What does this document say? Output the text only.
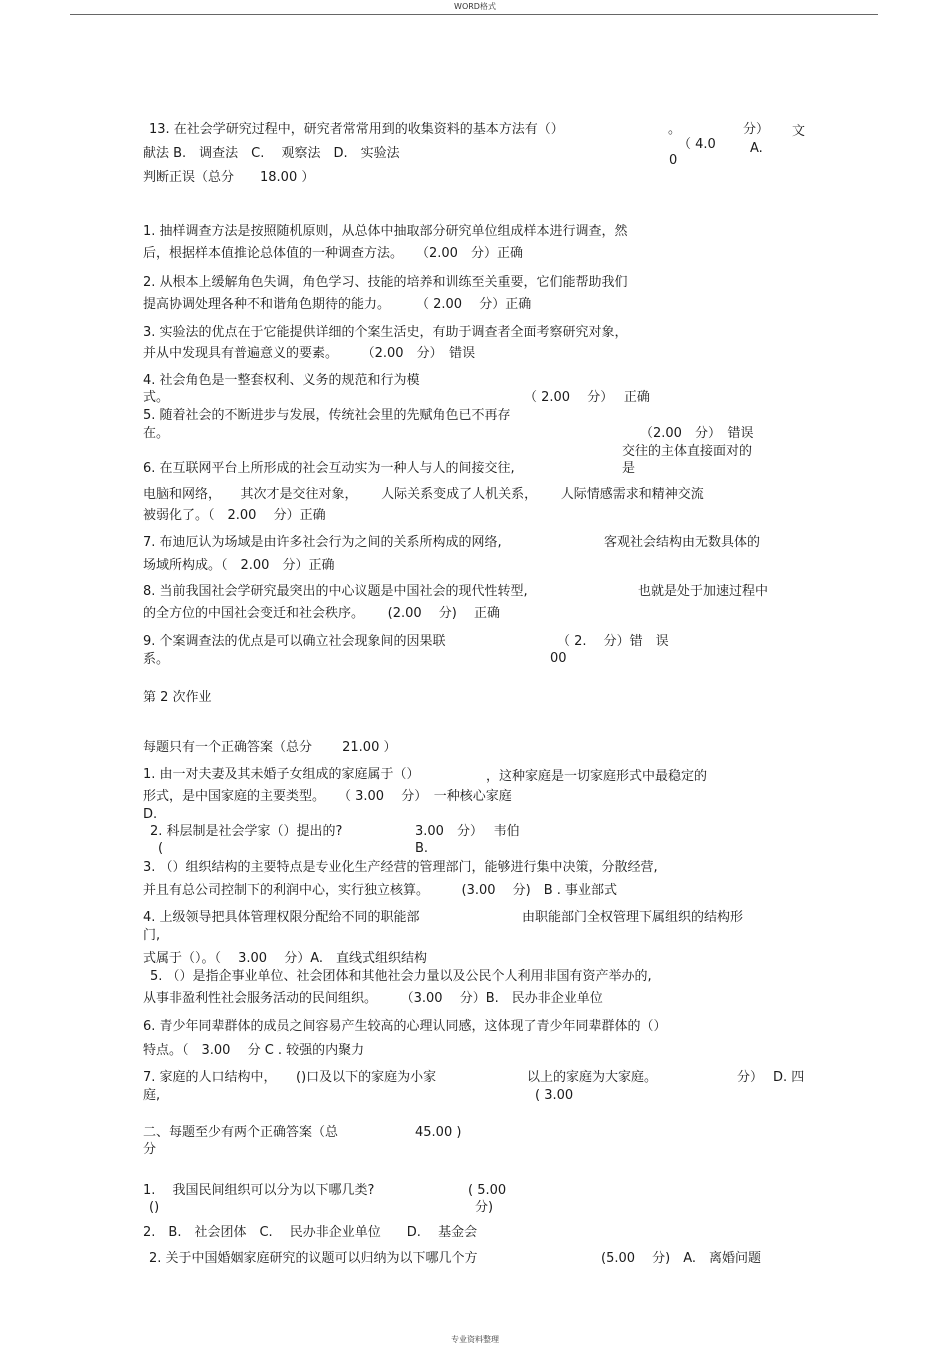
WORD格式
13. 在社会学研究过程中，研究者常常用到的收集资料的基本方法有（）	。	分） 文
（ 4.0	A.
献法 B.　调查法　C.　 观察法　D.　实验法	0
判断正误（总分　　18.00 ）
1. 抽样调查方法是按照随机原则，从总体中抽取部分研究单位组成样本进行调查，然
后，根据样本值推论总体值的一种调查方法。　　（2.00　分）正确
2. 从根本上缓解角色失调，角色学习、技能的培养和训练至关重要，它们能帮助我们
提高协调处理各种不和谐角色期待的能力。　　　（ 2.00　 分）正确
3. 实验法的优点在于它能提供详细的个案生活史，有助于调查者全面考察研究对象，
并从中发现具有普遍意义的要素。　　 （2.00　分）　错误
4. 社会角色是一整套权利、义务的规范和行为模
式。	（ 2.00　 分）　 正确
5. 随着社会的不断进步与发展，传统社会里的先赋角色已不再存
在。	（2.00　分）　错误
交往的主体直接面对的
6. 在互联网平台上所形成的社会互动实为一种人与人的间接交往,	是
电脑和网络，　　其次才是交往对象，　　 人际关系变成了人机关系，　　 人际情感需求和精神交流
被弱化了。（　2.00　 分）正确
7. 布迪厄认为场域是由许多社会行为之间的关系所构成的网络,	客观社会结构由无数具体的
场域所构成。（　2.00　分）正确
8. 当前我国社会学研究最突出的中心议题是中国社会的现代性转型,	也就是处于加速过程中
的全方位的中国社会变迁和社会秩序。　　 (2.00　 分)　 正确
9. 个案调查法的优点是可以确立社会现象间的因果联	（ 2.　 分）错　误
系。	00
第 2 次作业
每题只有一个正确答案（总分　　 21.00 ）
1. 由一对夫妻及其未婚子女组成的家庭属于（）	，这种家庭是一切家庭形式中最稳定的
形式，是中国家庭的主要类型。　　（ 3.00　 分）　一种核心家庭
D.
2. 科层制是社会学家（）提出的?	3.00　分）　 韦伯
(	B.
3. （）组织结构的主要特点是专业化生产经营的管理部门，能够进行集中决策，分散经营,
并且有总公司控制下的利润中心，实行独立核算。　　　(3.00　 分)　B . 事业部式
4. 上级领导把具体管理权限分配给不同的职能部	由职能部门全权管理下属组织的结构形
门,
式属于（）。（　 3.00　 分）A.　直线式组织结构
5. （）是指企事业单位、社会团体和其他社会力量以及公民个人利用非国有资产举办的,
从事非盈利性社会服务活动的民间组织。　　 （3.00　 分）B.　民办非企业单位
6. 青少年同辈群体的成员之间容易产生较高的心理认同感，这体现了青少年同辈群体的（）
特点。（　3.00　 分 C . 较强的内聚力
7. 家庭的人口结构中，　　()口及以下的家庭为小家	以上的家庭为大家庭。	分） D. 四
庭,	( 3.00
二、每题至少有两个正确答案（总	45.00 )
分
1.　 我国民间组织可以分为以下哪几类?	( 5.00
()	分)
2.　B.　社会团体　C.　 民办非企业单位　　D.　 基金会
2. 关于中国婚姻家庭研究的议题可以归纳为以下哪几个方	(5.00　 分)　A.　离婚问题
专业资料整理
